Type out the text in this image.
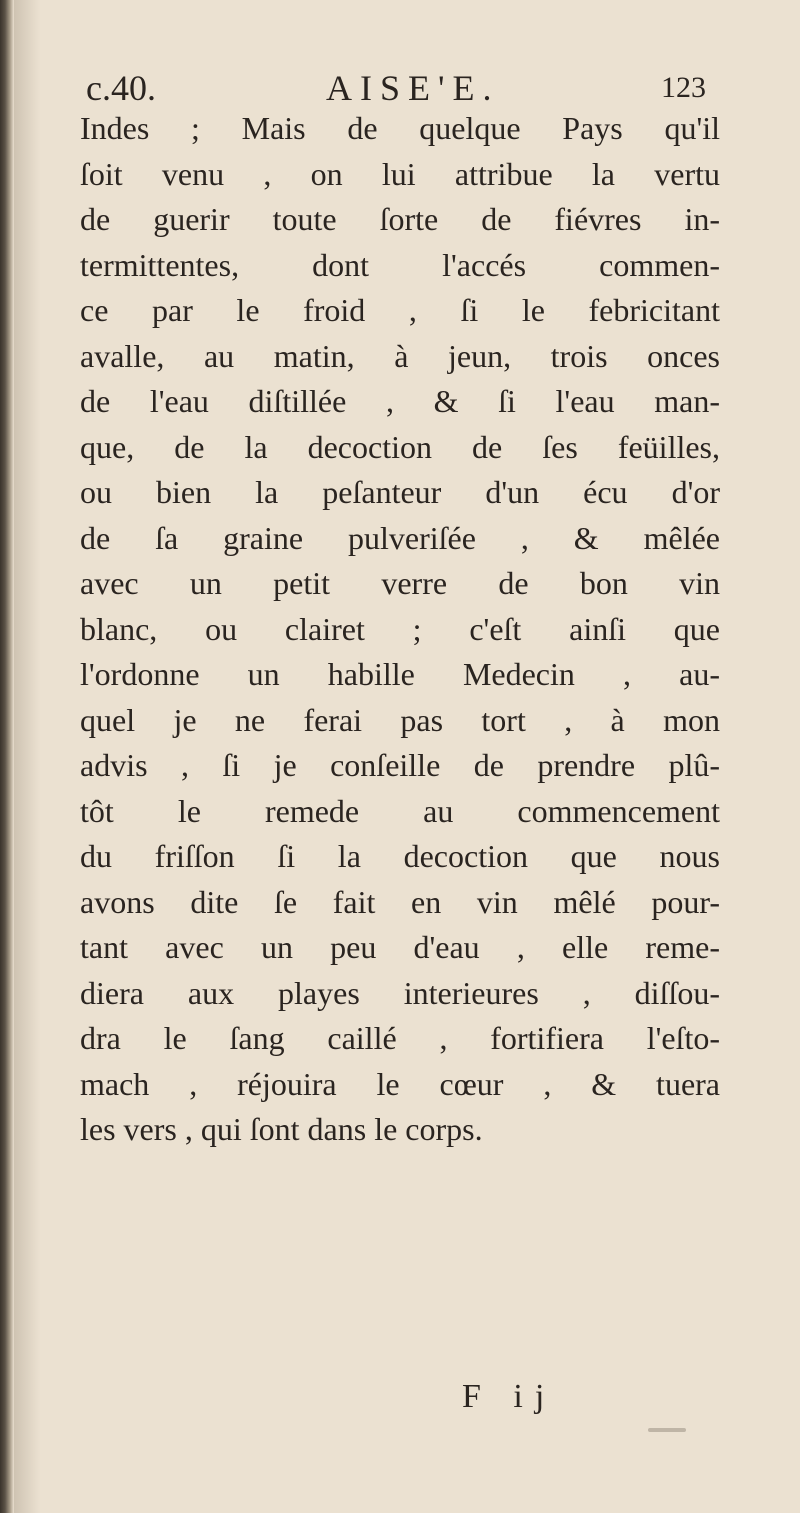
c.40.	AISE'E.	123
Indes ; Mais de quelque Pays qu'il
ſoit venu , on lui attribue la vertu
de guerir toute ſorte de fiévres in-
termittentes, dont l'accés commen-
ce par le froid , ſi le febricitant
avalle, au matin, à jeun, trois onces
de l'eau diſtillée , & ſi l'eau man-
que, de la decoction de ſes feüilles,
ou bien la peſanteur d'un écu d'or
de ſa graine pulveriſée , & mêlée
avec un petit verre de bon vin
blanc, ou clairet ; c'eſt ainſi que
l'ordonne un habille Medecin , au-
quel je ne ferai pas tort , à mon
advis , ſi je conſeille de prendre plû-
tôt le remede au commencement
du friſſon ſi la decoction que nous
avons dite ſe fait en vin mêlé pour-
tant avec un peu d'eau , elle reme-
diera aux playes interieures , diſſou-
dra le ſang caillé , fortifiera l'eſto-
mach , réjouira le cœur , & tuera
les vers , qui ſont dans le corps.
F ij
